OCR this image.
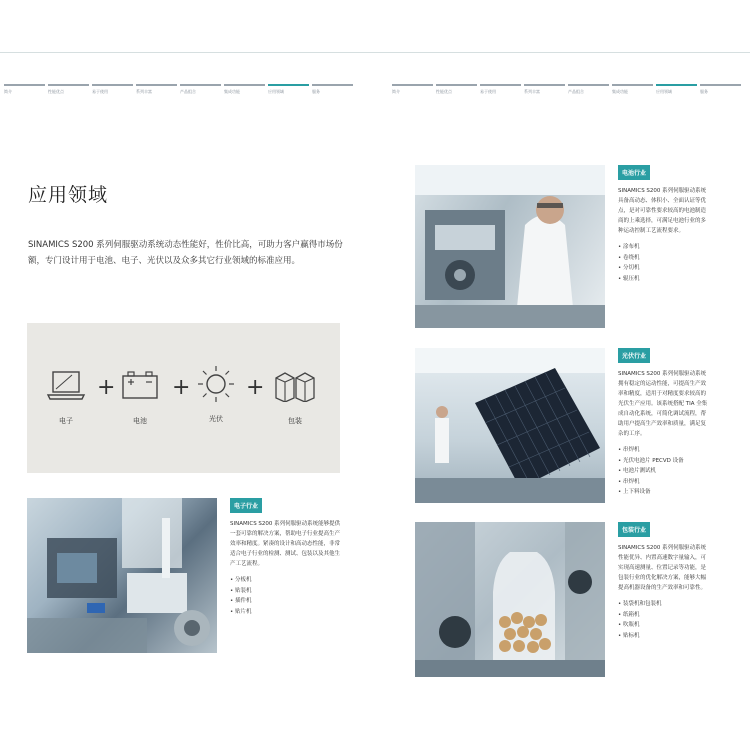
简介	性能优点	易于使用	系列丰富	产品组合	集成功能	应用领域	服务	简介	性能优点	易于使用	系列丰富	产品组合	集成功能	应用领域	服务
应用领域
SINAMICS S200 系列伺服驱动系统动态性能好，性价比高，可助力客户赢得市场份额，专门设计用于电池、电子、光伏以及众多其它行业领域的标准应用。
电子
+
电池
+
光伏
+
包装
电子行业
SINAMICS S200 系列伺服驱动系统能够提供一套可靠的解决方案，帮助电子行业提高生产效率和精度。紧凑的设计和高动态性能，非常适合电子行业的检测、测试、包装以及其他生产工艺流程。
• 分板机
• 贴装机
• 插件机
• 贴片机
电池行业
SINAMICS S200 系列伺服驱动系统具备高动态、体积小、全面认证等优点，是对可靠性要求较高的电池制造商的上乘选择，可满足电池行业的多种运动控制工艺流程要求。
• 涂布机
• 卷绕机
• 分切机
• 辊压机
光伏行业
SINAMICS S200 系列伺服驱动系统拥有稳定的运动性能，可提高生产效率和精度，适用于对精度要求较高的光伏生产应用。该系统搭配 TIA 全集成自动化系统，可简化调试流程，帮助用户提高生产效率和质量，满足复杂的工序。
• 串焊机
• 光伏电池片 PECVD 设备
• 电池片测试机
• 串焊机
• 上下料设备
包装行业
SINAMICS S200 系列伺服驱动系统性能优异、内置高速数字量输入，可实现高速测量、位置记录等功能，是包装行业的优化解决方案，能够大幅提高机器设备的生产效率和可靠性。
• 装袋机和包装机
• 纸箱机
• 吹瓶机
• 贴标机
